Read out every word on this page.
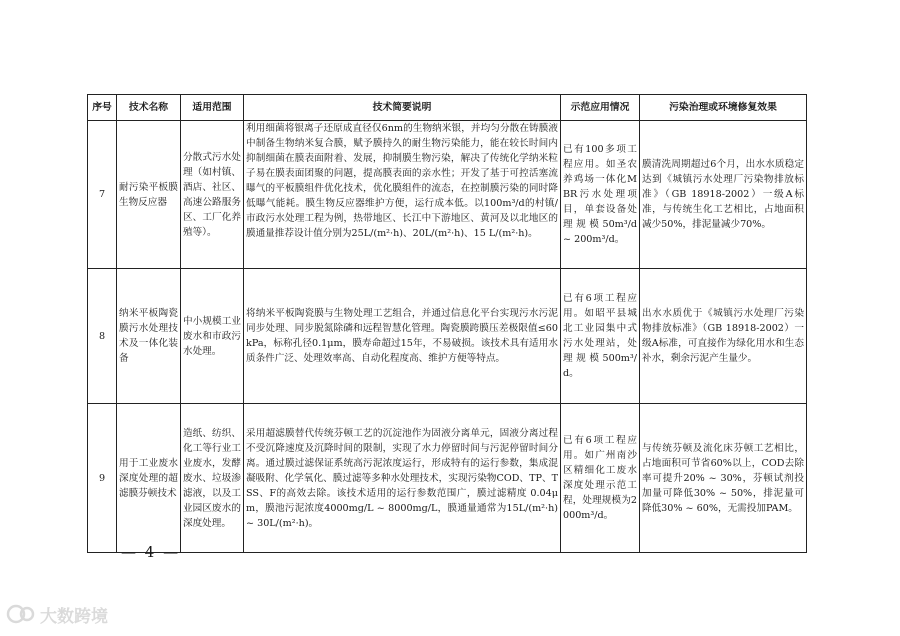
序号	技术名称	适用范围	技术简要说明	示范应用情况	污染治理或环境修复效果
7	耐污染平板膜生物反应器	分散式污水处理（如村镇、酒店、社区、高速公路服务区、工厂化养殖等）。	利用细菌将银离子还原成直径仅6nm的生物纳米银，并均匀分散在铸膜液中制备生物纳米复合膜，赋予膜持久的耐生物污染能力，能在较长时间内抑制细菌在膜表面附着、发展，抑制膜生物污染，解决了传统化学纳米粒子易在膜表面团聚的问题，提高膜表面的亲水性；开发了基于可控活塞流曝气的平板膜组件优化技术，优化膜组件的流态，在控制膜污染的同时降低曝气能耗。膜生物反应器维护方便，运行成本低。以100m³/d的村镇/市政污水处理工程为例，热带地区、长江中下游地区、黄河及以北地区的膜通量推荐设计值分别为25L/(m²·h)、20L/(m²·h)、15 L/(m²·h)。	已有100多项工程应用。如圣农养鸡场一体化MBR污水处理项目，单套设备处理规模50m³/d ~ 200m³/d。	膜清洗周期超过6个月，出水水质稳定达到《城镇污水处理厂污染物排放标准》（GB 18918-2002）一级A标准，与传统生化工艺相比，占地面积减少50%，排泥量减少70%。
8	纳米平板陶瓷膜污水处理技术及一体化装备	中小规模工业废水和市政污水处理。	将纳米平板陶瓷膜与生物处理工艺组合，并通过信息化平台实现污水污泥同步处理、同步脱氮除磷和远程智慧化管理。陶瓷膜跨膜压差极限值≤60kPa，标称孔径0.1μm，膜寿命超过15年，不易破损。该技术具有适用水质条件广泛、处理效率高、自动化程度高、维护方便等特点。	已有6项工程应用。如昭平县城北工业园集中式污水处理站，处理规模500m³/d。	出水水质优于《城镇污水处理厂污染物排放标准》（GB 18918-2002）一级A标准，可直接作为绿化用水和生态补水，剩余污泥产生量少。
9	用于工业废水深度处理的超滤膜芬顿技术	造纸、纺织、化工等行业工业废水，发酵废水、垃圾渗滤液，以及工业园区废水的深度处理。	采用超滤膜替代传统芬顿工艺的沉淀池作为固液分离单元，固液分离过程不受沉降速度及沉降时间的限制，实现了水力停留时间与污泥停留时间分离。通过膜过滤保证系统高污泥浓度运行，形成特有的运行参数，集成混凝吸附、化学氧化、膜过滤等多种水处理技术，实现污染物COD、TP、TSS、F的高效去除。该技术适用的运行参数范围广，膜过滤精度 0.04μm，膜池污泥浓度4000mg/L ~ 8000mg/L，膜通量通常为15L/(m²·h) ~ 30L/(m²·h)。	已有6项工程应用。如广州南沙区精细化工废水深度处理示范工程，处理规模为2000m³/d。	与传统芬顿及流化床芬顿工艺相比，占地面积可节省60%以上，COD去除率可提升20% ~ 30%，芬顿试剂投加量可降低30% ~ 50%，排泥量可降低30% ~ 60%，无需投加PAM。
— 4 —
大数跨境
